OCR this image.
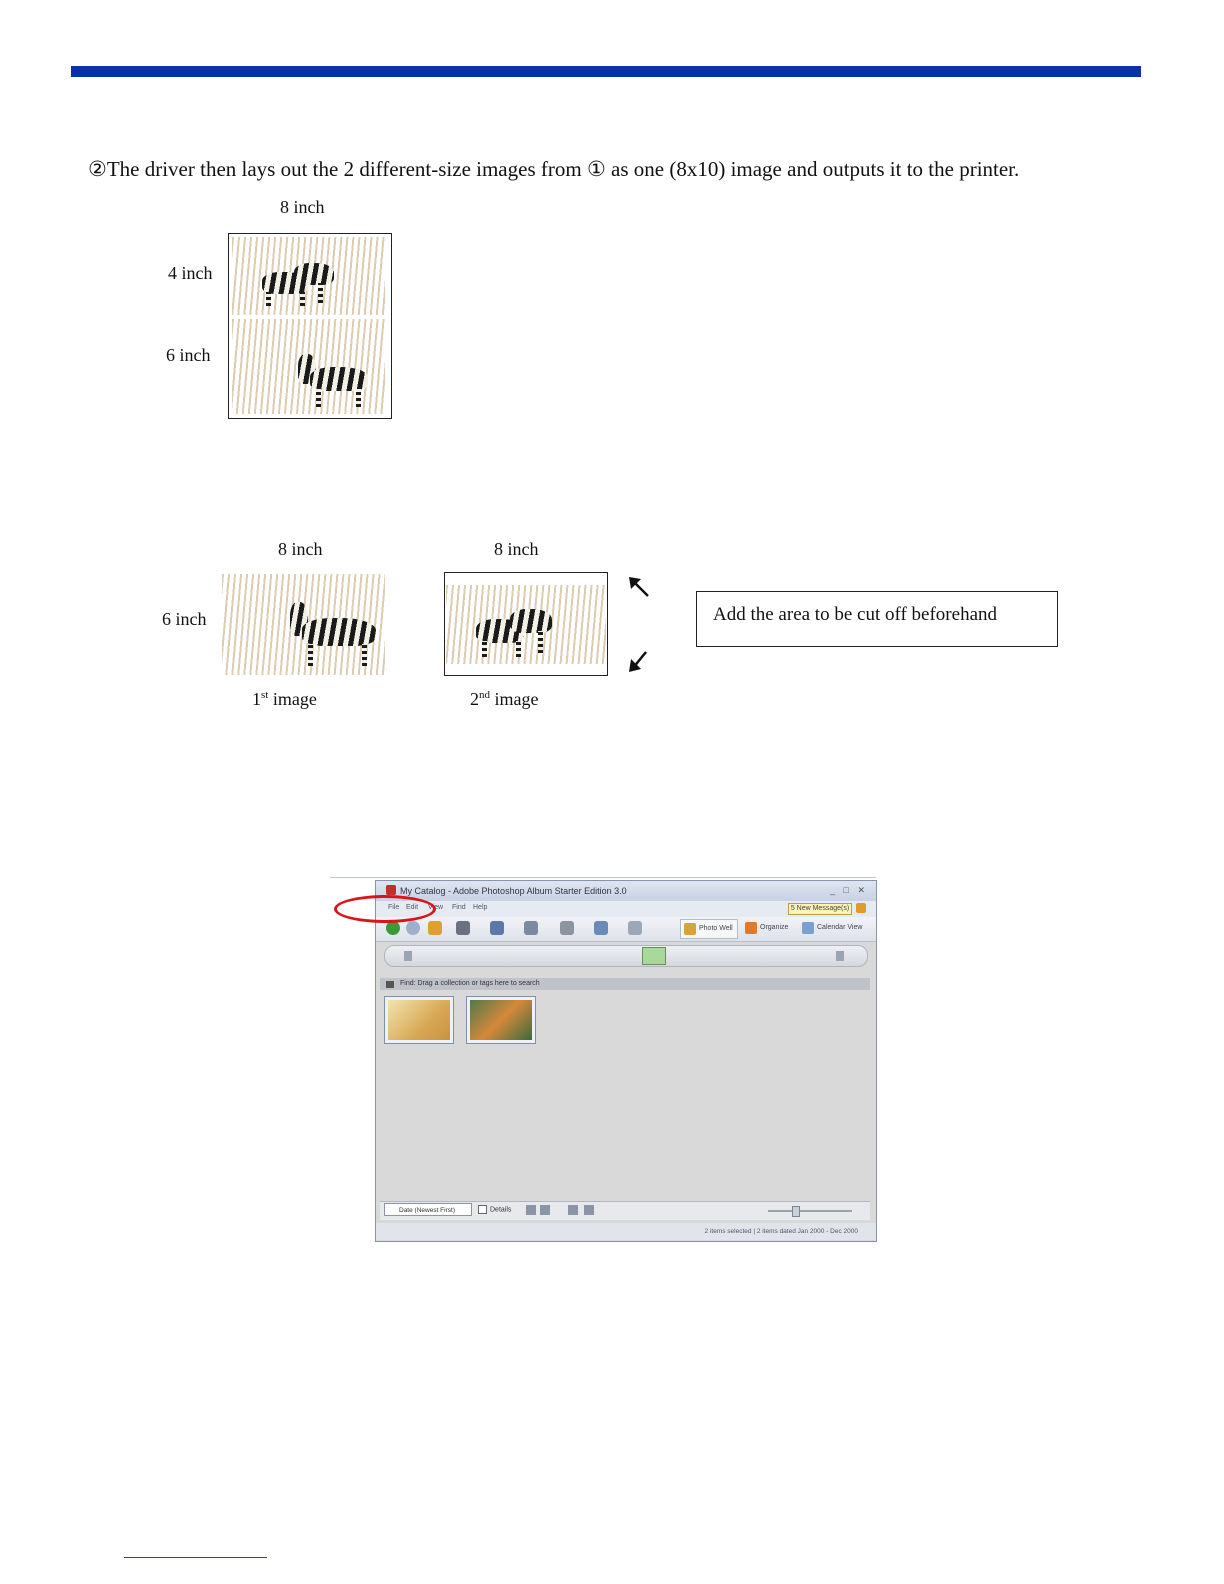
②The driver then lays out the 2 different-size images from ① as one (8x10) image and outputs it to the printer.
8 inch
4 inch
6 inch
8 inch
6 inch
1st image
8 inch
2nd image
Add the area to be cut off beforehand
My Catalog - Adobe Photoshop Album Starter Edition 3.0	_ □ ✕
File Edit View Find Help	5 New Message(s)
Photo Well	Organize	Calendar View
Find: Drag a collection or tags here to search
Date (Newest First)	Details
2 items selected | 2 items dated Jan 2000 - Dec 2000
